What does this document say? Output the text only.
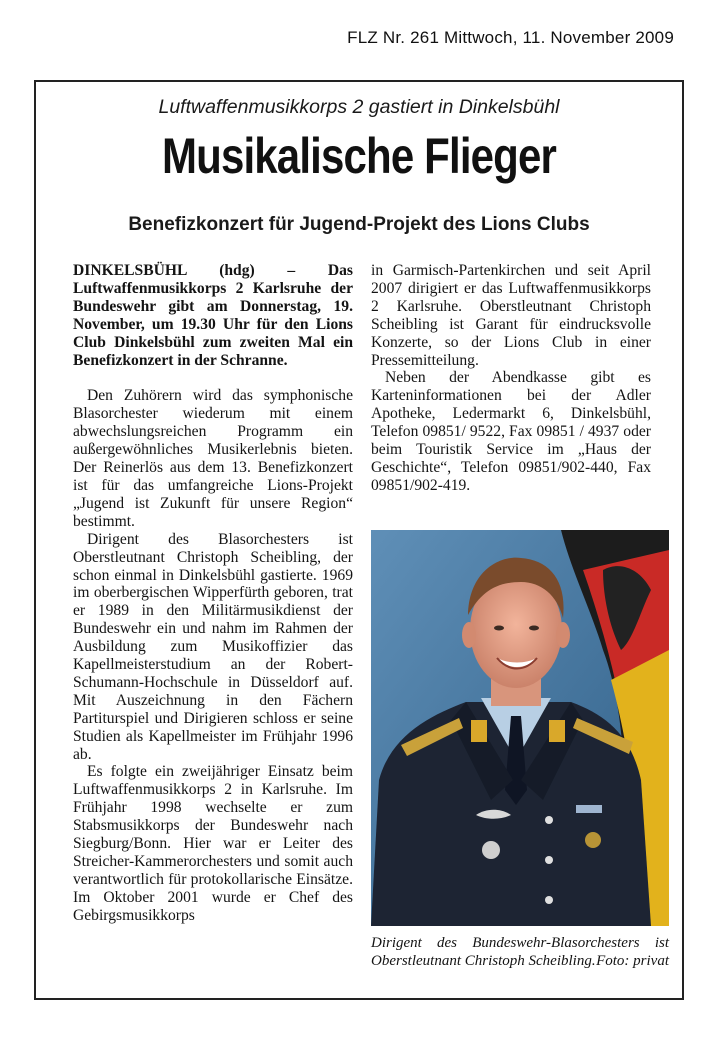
FLZ Nr. 261 Mittwoch, 11. November 2009
Luftwaffenmusikkorps 2 gastiert in Dinkelsbühl
Musikalische Flieger
Benefizkonzert für Jugend-Projekt des Lions Clubs

DINKELSBÜHL (hdg) – Das Luftwaffenmusikkorps 2 Karlsruhe der Bundeswehr gibt am Donnerstag, 19. November, um 19.30 Uhr für den Lions Club Dinkelsbühl zum zweiten Mal ein Benefizkonzert in der Schranne.

Den Zuhörern wird das symphonische Blasorchester wiederum mit einem abwechslungsreichen Programm ein außergewöhnliches Musikerlebnis bieten. Der Reinerlös aus dem 13. Benefizkonzert ist für das umfangreiche Lions-Projekt „Jugend ist Zukunft für unsere Region“ bestimmt.

Dirigent des Blasorchesters ist Oberstleutnant Christoph Scheibling, der schon einmal in Dinkelsbühl gastierte. 1969 im oberbergischen Wipperfürth geboren, trat er 1989 in den Militärmusikdienst der Bundeswehr ein und nahm im Rahmen der Ausbildung zum Musikoffizier das Kapellmeisterstudium an der Robert-Schumann-Hochschule in Düsseldorf auf. Mit Auszeichnung in den Fächern Partiturspiel und Dirigieren schloss er seine Studien als Kapellmeister im Frühjahr 1996 ab.

Es folgte ein zweijähriger Einsatz beim Luftwaffenmusikkorps 2 in Karlsruhe. Im Frühjahr 1998 wechselte er zum Stabsmusikkorps der Bundeswehr nach Siegburg/Bonn. Hier war er Leiter des Streicher-Kammerorchesters und somit auch verantwortlich für protokollarische Einsätze. Im Oktober 2001 wurde er Chef des Gebirgsmusikkorps

in Garmisch-Partenkirchen und seit April 2007 dirigiert er das Luftwaffenmusikkorps 2 Karlsruhe. Oberstleutnant Christoph Scheibling ist Garant für eindrucksvolle Konzerte, so der Lions Club in einer Pressemitteilung.

Neben der Abendkasse gibt es Karteninformationen bei der Adler Apotheke, Ledermarkt 6, Dinkelsbühl, Telefon 09851/ 9522, Fax 09851 / 4937 oder beim Touristik Service im „Haus der Geschichte“, Telefon 09851/902-440, Fax 09851/902-419.

Dirigent des Bundeswehr-Blasorchesters ist Oberstleutnant Christoph Scheibling. Foto: privat
